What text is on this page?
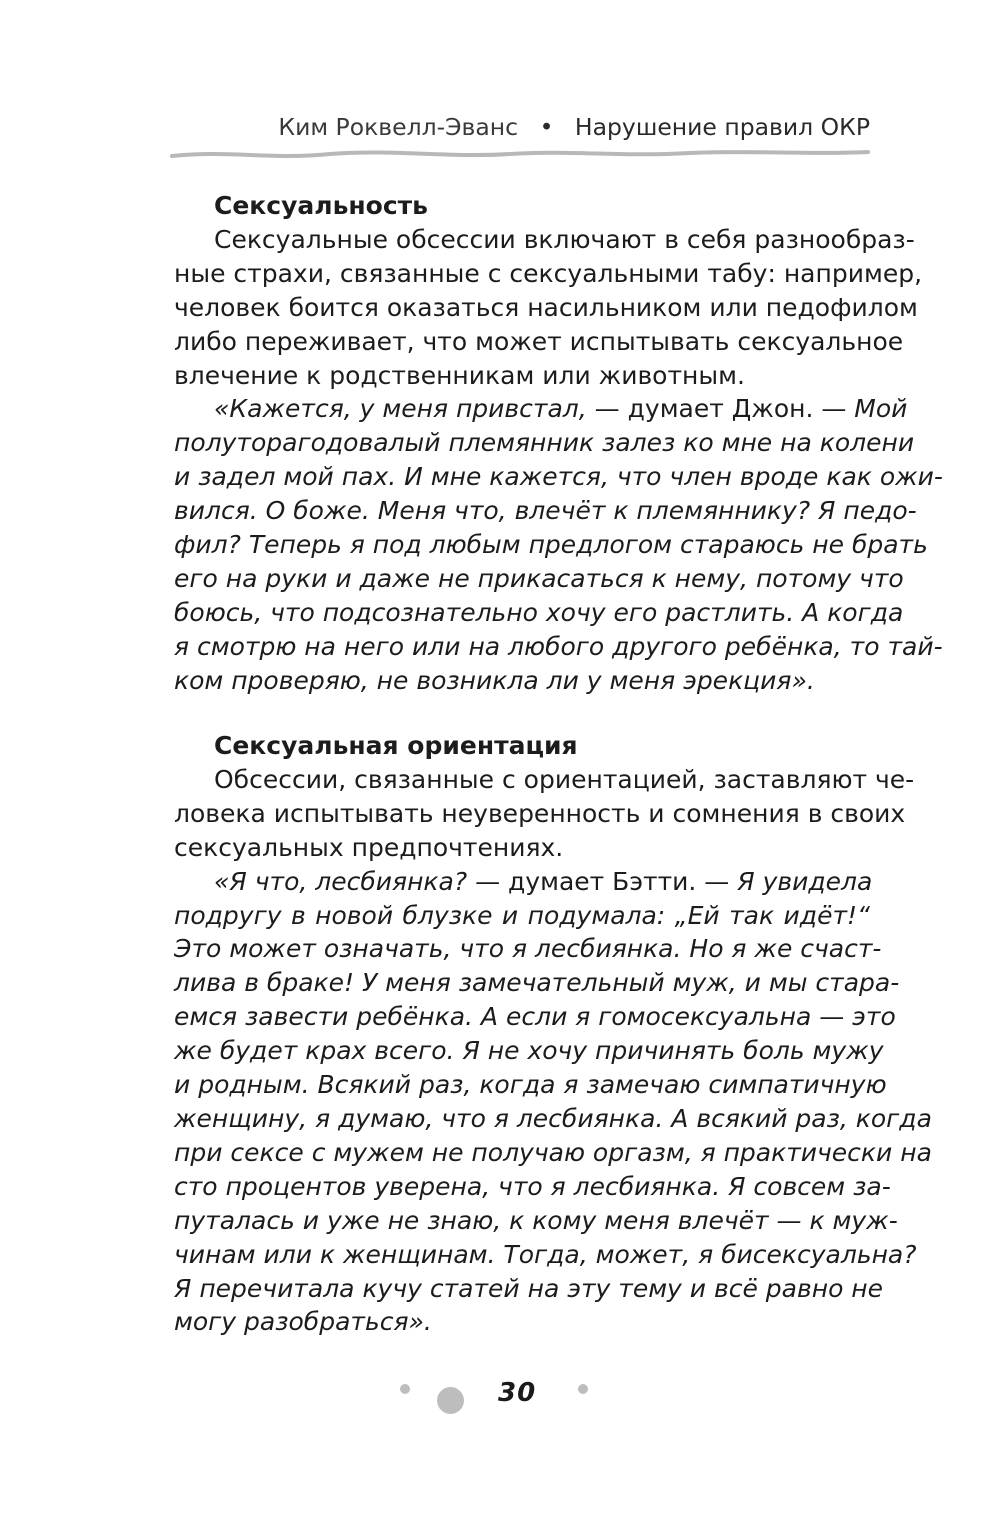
Ким Роквелл-Эванс • Нарушение правил ОКР
Сексуальность
Сексуальные обсессии включают в себя разнообраз-
ные страхи, связанные с сексуальными табу: например,
человек боится оказаться насильником или педофилом
либо переживает, что может испытывать сексуальное
влечение к родственникам или животным.
«Кажется, у меня привстал, — думает Джон. — Мой
полуторагодовалый племянник залез ко мне на колени
и задел мой пах. И мне кажется, что член вроде как ожи-
вился. О боже. Меня что, влечёт к племяннику? Я педо-
фил? Теперь я под любым предлогом стараюсь не брать
его на руки и даже не прикасаться к нему, потому что
боюсь, что подсознательно хочу его растлить. А когда
я смотрю на него или на любого другого ребёнка, то тай-
ком проверяю, не возникла ли у меня эрекция».
Сексуальная ориентация
Обсессии, связанные с ориентацией, заставляют че-
ловека испытывать неуверенность и сомнения в своих
сексуальных предпочтениях.
«Я что, лесбиянка? — думает Бэтти. — Я увидела
подругу в новой блузке и подумала: „Ей так идёт!“
Это может означать, что я лесбиянка. Но я же счаст-
лива в браке! У меня замечательный муж, и мы стара-
емся завести ребёнка. А если я гомосексуальна — это
же будет крах всего. Я не хочу причинять боль мужу
и родным. Всякий раз, когда я замечаю симпатичную
женщину, я думаю, что я лесбиянка. А всякий раз, когда
при сексе с мужем не получаю оргазм, я практически на
сто процентов уверена, что я лесбиянка. Я совсем за-
путалась и уже не знаю, к кому меня влечёт — к муж-
чинам или к женщинам. Тогда, может, я бисексуальна?
Я перечитала кучу статей на эту тему и всё равно не
могу разобраться».
30
